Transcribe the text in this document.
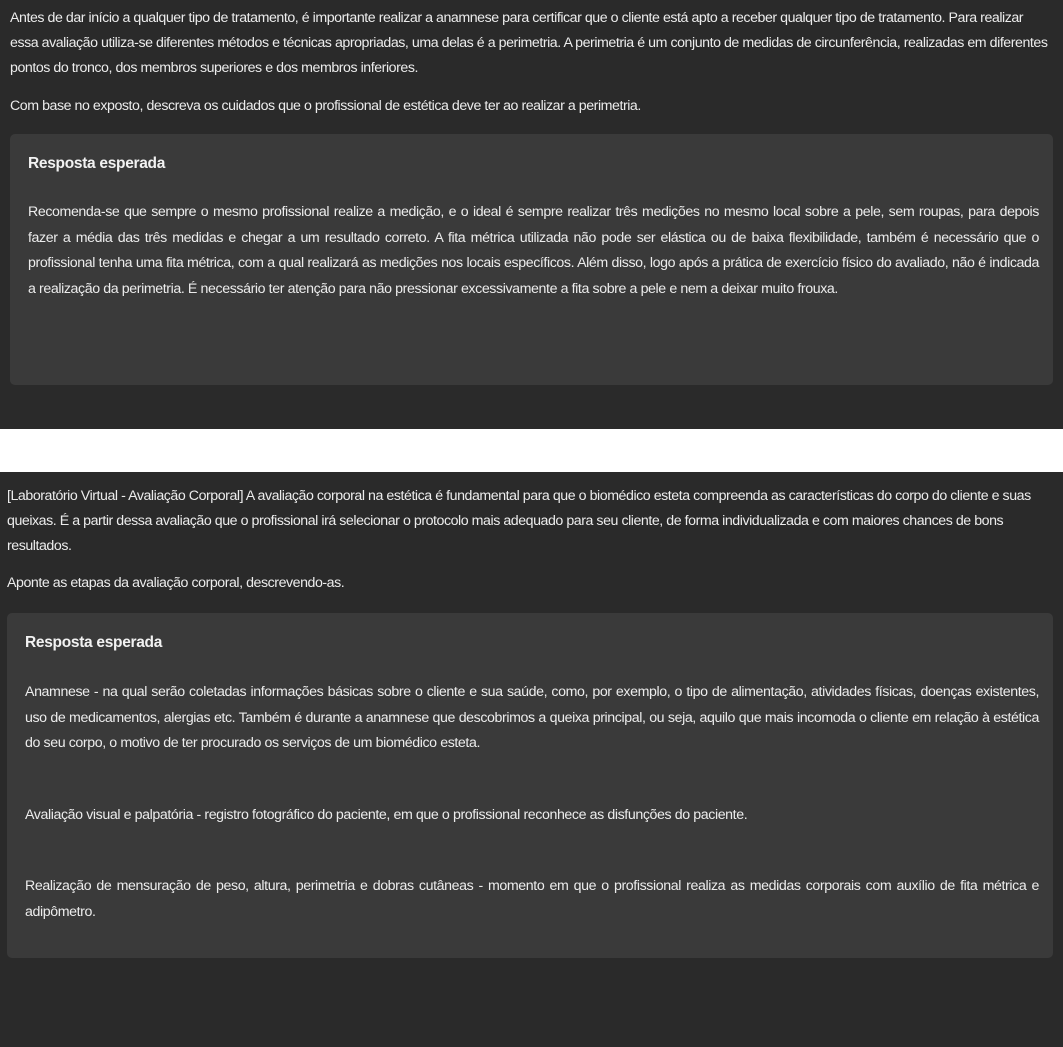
Antes de dar início a qualquer tipo de tratamento, é importante realizar a anamnese para certificar que o cliente está apto a receber qualquer tipo de tratamento. Para realizar essa avaliação utiliza-se diferentes métodos e técnicas apropriadas, uma delas é a perimetria. A perimetria é um conjunto de medidas de circunferência, realizadas em diferentes pontos do tronco, dos membros superiores e dos membros inferiores.

Com base no exposto, descreva os cuidados que o profissional de estética deve ter ao realizar a perimetria.

Resposta esperada

Recomenda-se que sempre o mesmo profissional realize a medição, e o ideal é sempre realizar três medições no mesmo local sobre a pele, sem roupas, para depois fazer a média das três medidas e chegar a um resultado correto. A fita métrica utilizada não pode ser elástica ou de baixa flexibilidade, também é necessário que o profissional tenha uma fita métrica, com a qual realizará as medições nos locais específicos. Além disso, logo após a prática de exercício físico do avaliado, não é indicada a realização da perimetria. É necessário ter atenção para não pressionar excessivamente a fita sobre a pele e nem a deixar muito frouxa.

[Laboratório Virtual - Avaliação Corporal] A avaliação corporal na estética é fundamental para que o biomédico esteta compreenda as características do corpo do cliente e suas queixas. É a partir dessa avaliação que o profissional irá selecionar o protocolo mais adequado para seu cliente, de forma individualizada e com maiores chances de bons resultados.

Aponte as etapas da avaliação corporal, descrevendo-as.

Resposta esperada

Anamnese - na qual serão coletadas informações básicas sobre o cliente e sua saúde, como, por exemplo, o tipo de alimentação, atividades físicas, doenças existentes, uso de medicamentos, alergias etc. Também é durante a anamnese que descobrimos a queixa principal, ou seja, aquilo que mais incomoda o cliente em relação à estética do seu corpo, o motivo de ter procurado os serviços de um biomédico esteta.

Avaliação visual e palpatória - registro fotográfico do paciente, em que o profissional reconhece as disfunções do paciente.

Realização de mensuração de peso, altura, perimetria e dobras cutâneas - momento em que o profissional realiza as medidas corporais com auxílio de fita métrica e adipômetro.
